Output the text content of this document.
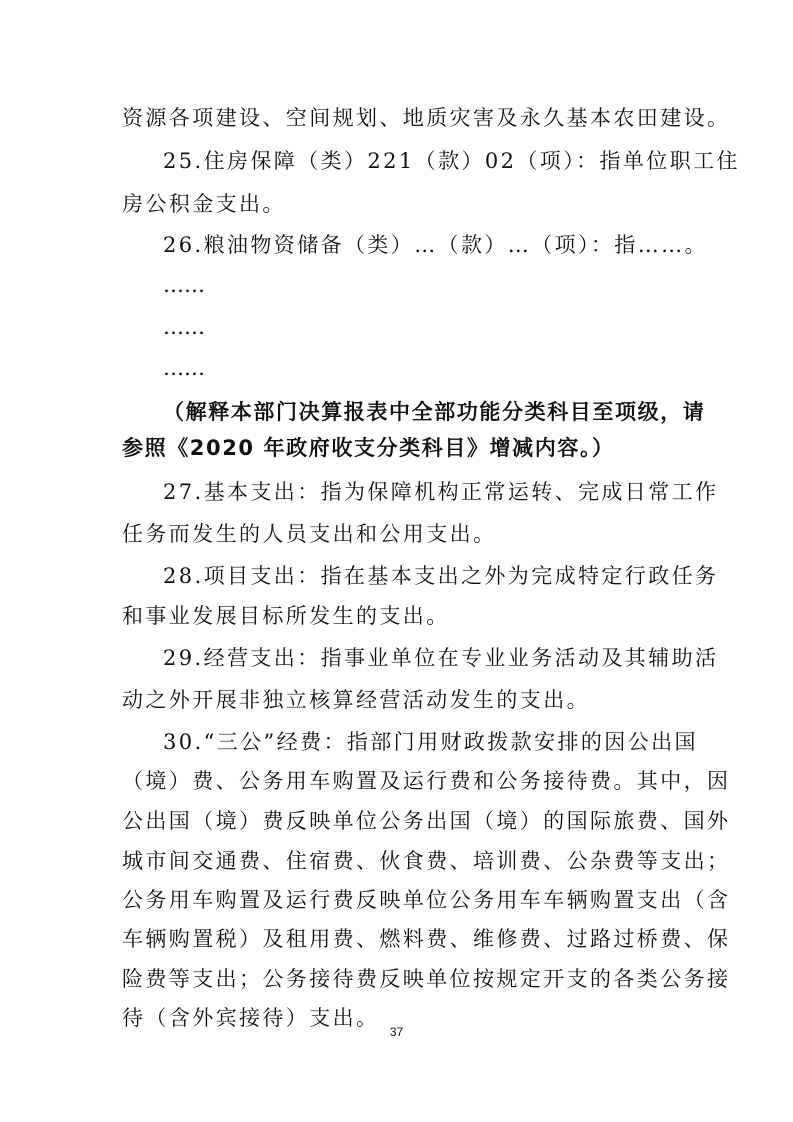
资源各项建设、空间规划、地质灾害及永久基本农田建设。
25.住房保障（类）221（款）02（项）：指单位职工住
房公积金支出。
26.粮油物资储备（类）…（款）…（项）：指……。
……
……
……
（解释本部门决算报表中全部功能分类科目至项级，请
参照《2020 年政府收支分类科目》增减内容。）
27.基本支出：指为保障机构正常运转、完成日常工作
任务而发生的人员支出和公用支出。
28.项目支出：指在基本支出之外为完成特定行政任务
和事业发展目标所发生的支出。
29.经营支出：指事业单位在专业业务活动及其辅助活
动之外开展非独立核算经营活动发生的支出。
30.“三公”经费：指部门用财政拨款安排的因公出国
（境）费、公务用车购置及运行费和公务接待费。其中，因
公出国（境）费反映单位公务出国（境）的国际旅费、国外
城市间交通费、住宿费、伙食费、培训费、公杂费等支出；
公务用车购置及运行费反映单位公务用车车辆购置支出（含
车辆购置税）及租用费、燃料费、维修费、过路过桥费、保
险费等支出；公务接待费反映单位按规定开支的各类公务接
待（含外宾接待）支出。
37
